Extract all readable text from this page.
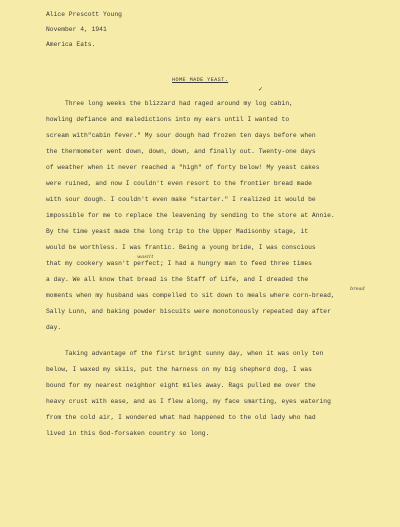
Alice Prescott Young
November 4, 1941
America Eats.
HOME MADE YEAST.
✓
Three long weeks the blizzard had raged around my log cabin,
howling defiance and maledictions into my ears until I wanted to
scream with"cabin fever." My sour dough had frozen ten days before when
the thermometer went down, down, down, and finally out. Twenty-one days
of weather when it never reached a "high" of forty below! My yeast cakes
were ruined, and now I couldn't even resort to the frontier bread made
with sour dough. I couldn't even make "starter." I realized it would be
impossible for me to replace the leavening by sending to the store at Annie.
By the time yeast made the long trip to the Upper Madisonby stage, it
would be worthless. I was frantic. Being a young bride, I was conscious
wasn't
that my cookery wasn't perfect; I had a hungry man to feed three times
a day. We all know that bread is the Staff of Life, and I dreaded the
bread
moments when my husband was compelled to sit down to meals where corn-bread,
Sally Lunn, and baking powder biscuits were monotonously repeated day after
day.
Taking advantage of the first bright sunny day, when it was only ten
below, I waxed my skiis, put the harness on my big shepherd dog, I was
bound for my nearest neighbor eight miles away. Rags pulled me over the
heavy crust with ease, and as I flew along, my face smarting, eyes watering
from the cold air, I wondered what had happened to the old lady who had
lived in this God-forsaken country so long.
